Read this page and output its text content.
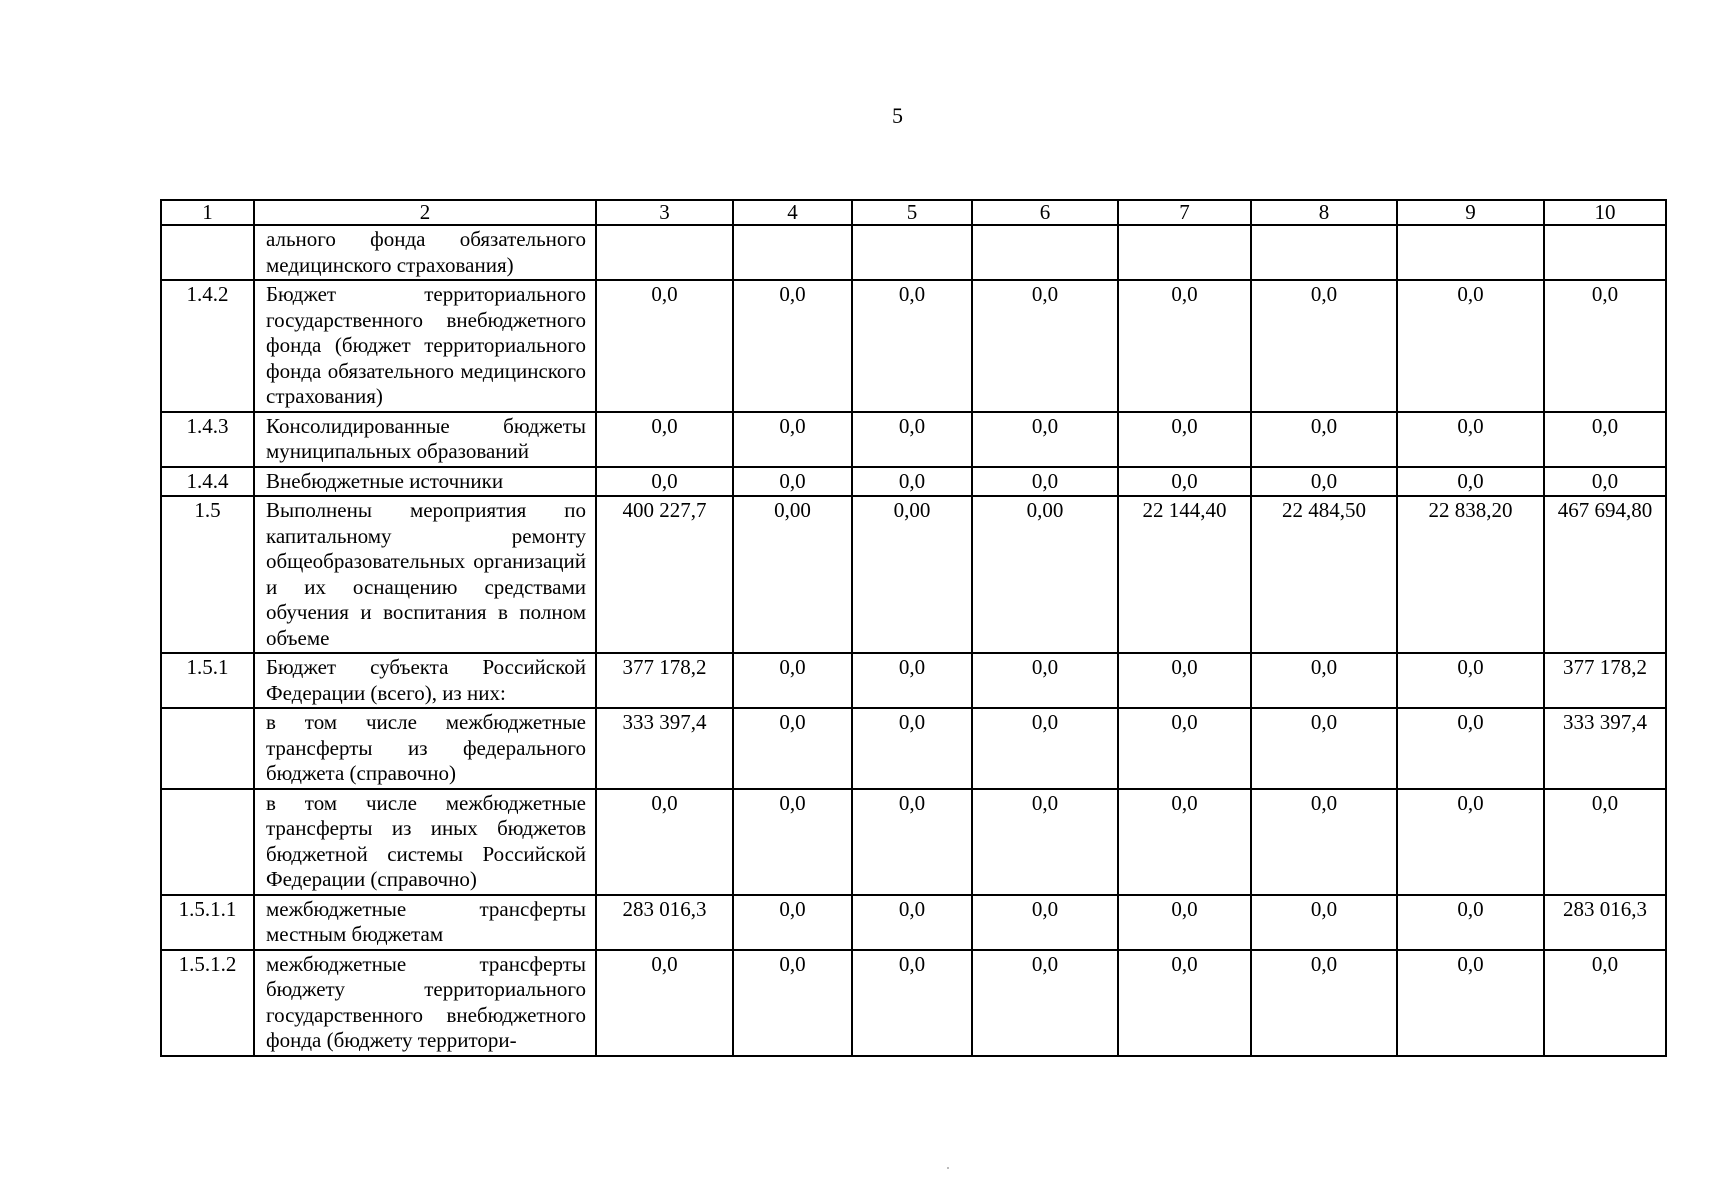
5
1	2	3	4	5	6	7	8	9	10
	ального фонда обязательного медицинского страхования)								
1.4.2	Бюджет территориального государственного внебюджетного фонда (бюджет территориального фонда обязательного медицинского страхования)	0,0	0,0	0,0	0,0	0,0	0,0	0,0	0,0
1.4.3	Консолидированные бюджеты муниципальных образований	0,0	0,0	0,0	0,0	0,0	0,0	0,0	0,0
1.4.4	Внебюджетные источники	0,0	0,0	0,0	0,0	0,0	0,0	0,0	0,0
1.5	Выполнены мероприятия по капитальному ремонту общеобразовательных организаций и их оснащению средствами обучения и воспитания в полном объеме	400 227,7	0,00	0,00	0,00	22 144,40	22 484,50	22 838,20	467 694,80
1.5.1	Бюджет субъекта Российской Федерации (всего), из них:	377 178,2	0,0	0,0	0,0	0,0	0,0	0,0	377 178,2
	в том числе межбюджетные трансферты из федерального бюджета (справочно)	333 397,4	0,0	0,0	0,0	0,0	0,0	0,0	333 397,4
	в том числе межбюджетные трансферты из иных бюджетов бюджетной системы Российской Федерации (справочно)	0,0	0,0	0,0	0,0	0,0	0,0	0,0	0,0
1.5.1.1	межбюджетные трансферты местным бюджетам	283 016,3	0,0	0,0	0,0	0,0	0,0	0,0	283 016,3
1.5.1.2	межбюджетные трансферты бюджету территориального государственного внебюджетного фонда (бюджету территори-	0,0	0,0	0,0	0,0	0,0	0,0	0,0	0,0
